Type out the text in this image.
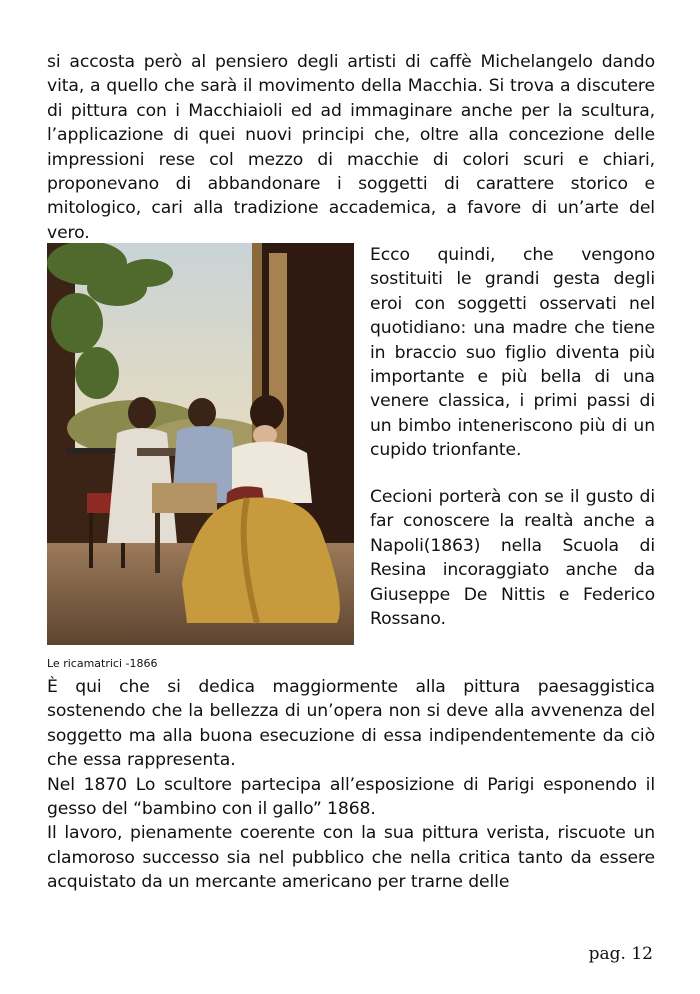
si accosta però al pensiero degli artisti di caffè Michelangelo dando vita, a quello che sarà il movimento della Macchia. Si trova a discutere di pittura con i Macchiaioli ed ad immaginare anche per la scultura, l’applicazione di quei nuovi principi che, oltre alla concezione delle impressioni rese col mezzo di macchie di colori scuri e chiari, proponevano di abbandonare i soggetti di carattere storico e mitologico, cari alla tradizione accademica, a favore di un’arte del vero.

Ecco quindi, che vengono sostituiti le grandi gesta degli eroi con soggetti osservati nel quotidiano: una madre che tiene in braccio suo figlio diventa più importante e più bella di una venere classica, i primi passi di un bimbo inteneriscono più di un cupido trionfante.

Cecioni porterà con se il gusto di far conoscere la realtà anche a Napoli(1863) nella Scuola di Resina incoraggiato anche da Giuseppe De Nittis e Federico Rossano.

Le ricamatrici -1866

È qui che si dedica maggiormente alla pittura paesaggistica sostenendo che la bellezza di un’opera non si deve alla avvenenza del soggetto ma alla buona esecuzione di essa indipendentemente da ciò che essa rappresenta.

Nel 1870 Lo scultore partecipa all’esposizione di Parigi esponendo il gesso del “bambino con il gallo” 1868.

Il lavoro, pienamente coerente con la sua pittura verista, riscuote un clamoroso successo sia nel pubblico che nella critica tanto da essere acquistato da un mercante americano per trarne delle

pag. 12
